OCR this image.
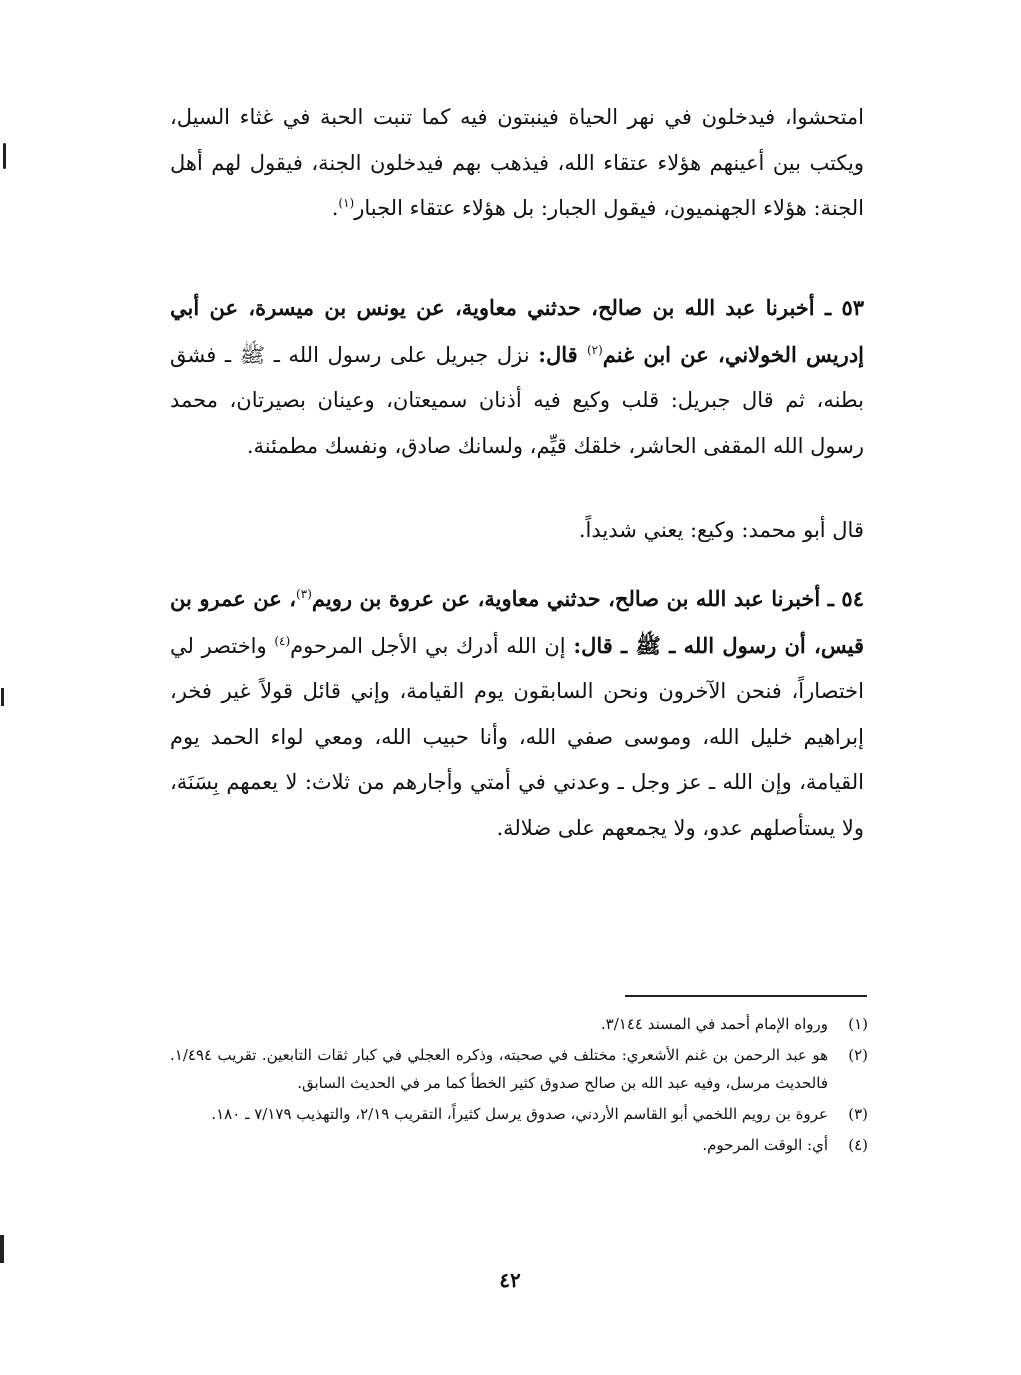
امتحشوا، فيدخلون في نهر الحياة فينبتون فيه كما تنبت الحبة في غثاء السيل، ويكتب بين أعينهم هؤلاء عتقاء الله، فيذهب بهم فيدخلون الجنة، فيقول لهم أهل الجنة: هؤلاء الجهنميون، فيقول الجبار: بل هؤلاء عتقاء الجبار$^{(١)}$.

٥٣ ـ أخبرنا عبد الله بن صالح، حدثني معاوية، عن يونس بن ميسرة، عن أبي إدريس الخولاني، عن ابن غنم$^{(٢)}$ قال: نزل جبريل على رسول الله ـ ﷺ ـ فشق بطنه، ثم قال جبريل: قلب وكيع فيه أذنان سميعتان، وعينان بصيرتان، محمد رسول الله المقفى الحاشر، خلقك قيِّم، ولسانك صادق، ونفسك مطمئنة.

قال أبو محمد: وكيع: يعني شديداً.

٥٤ ـ أخبرنا عبد الله بن صالح، حدثني معاوية، عن عروة بن رويم$^{(٣)}$، عن عمرو بن قيس، أن رسول الله ـ ﷺ ـ قال: إن الله أدرك بي الأجل المرحوم$^{(٤)}$ واختصر لي اختصاراً، فنحن الآخرون ونحن السابقون يوم القيامة، وإني قائل قولاً غير فخر، إبراهيم خليل الله، وموسى صفي الله، وأنا حبيب الله، ومعي لواء الحمد يوم القيامة، وإن الله ـ عز وجل ـ وعدني في أمتي وأجارهم من ثلاث: لا يعمهم بِسَنَة، ولا يستأصلهم عدو، ولا يجمعهم على ضلالة.

(١)
ورواه الإمام أحمد في المسند ٣/١٤٤.
(٢)
هو عبد الرحمن بن غنم الأشعري: مختلف في صحبته، وذكره العجلي في كبار ثقات التابعين. تقريب ١/٤٩٤. فالحديث مرسل، وفيه عبد الله بن صالح صدوق كثير الخطأ كما مر في الحديث السابق.
(٣)
عروة بن رويم اللخمي أبو القاسم الأردني، صدوق يرسل كثيراً، التقريب ٢/١٩، والتهذيب ٧/١٧٩ ـ ١٨٠.
(٤)
أي: الوقت المرحوم.
٤٢
